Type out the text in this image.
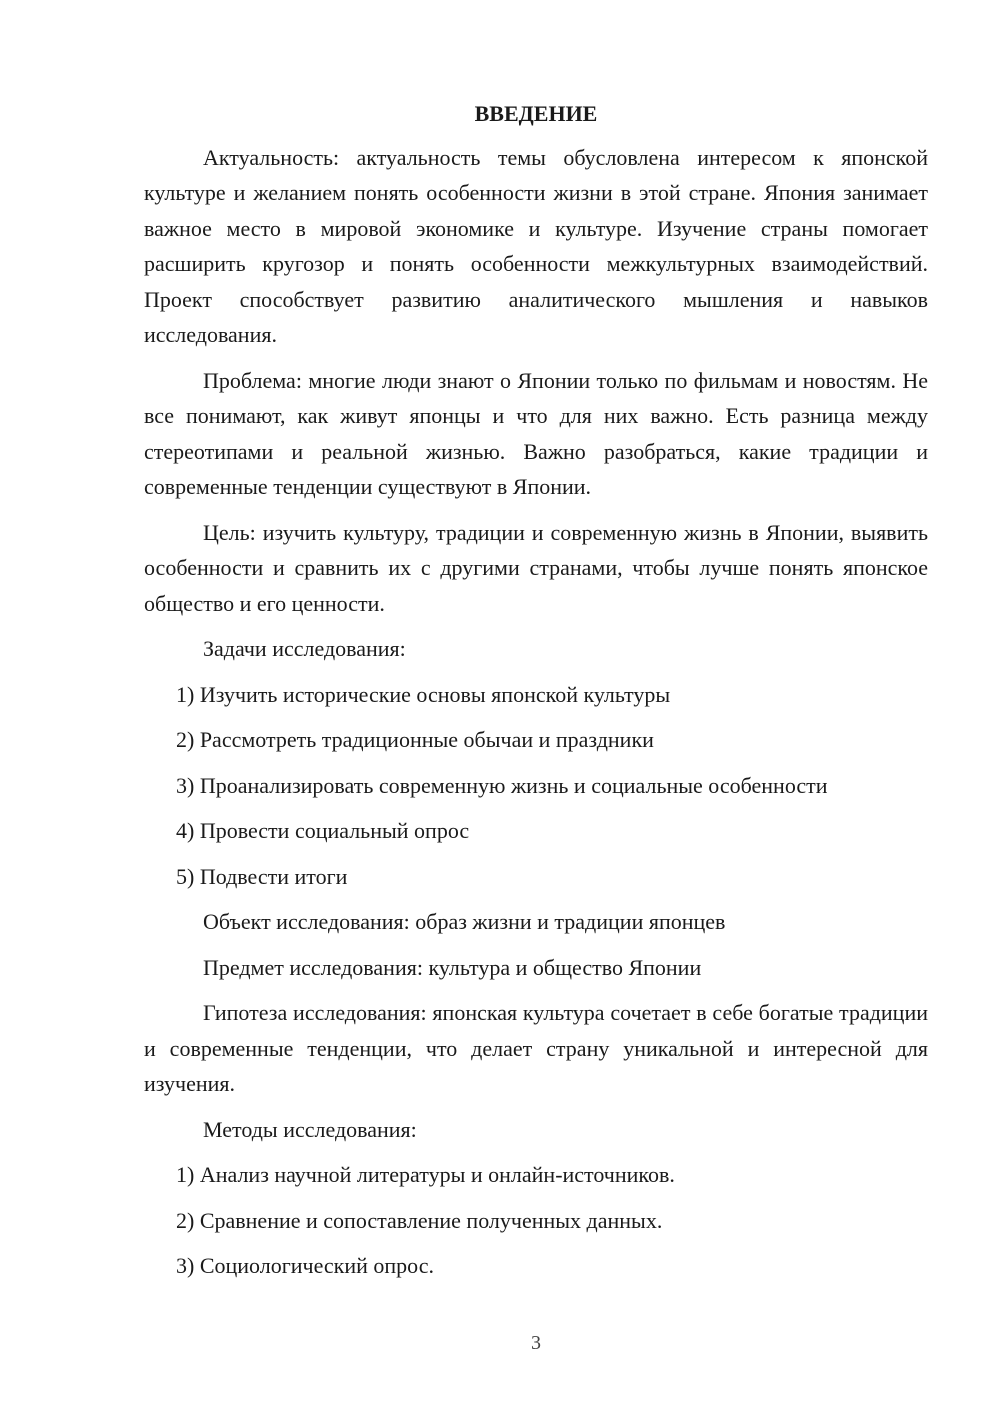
ВВЕДЕНИЕ

Актуальность: актуальность темы обусловлена интересом к японской культуре и желанием понять особенности жизни в этой стране. Япония занимает важное место в мировой экономике и культуре. Изучение страны помогает расширить кругозор и понять особенности межкультурных взаимодействий. Проект способствует развитию аналитического мышления и навыков исследования.

Проблема: многие люди знают о Японии только по фильмам и новостям. Не все понимают, как живут японцы и что для них важно. Есть разница между стереотипами и реальной жизнью. Важно разобраться, какие традиции и современные тенденции существуют в Японии.

Цель: изучить культуру, традиции и современную жизнь в Японии, выявить особенности и сравнить их с другими странами, чтобы лучше понять японское общество и его ценности.

Задачи исследования:
1) Изучить исторические основы японской культуры
2) Рассмотреть традиционные обычаи и праздники
3) Проанализировать современную жизнь и социальные особенности
4) Провести социальный опрос
5) Подвести итоги
Объект исследования: образ жизни и традиции японцев
Предмет исследования: культура и общество Японии

Гипотеза исследования: японская культура сочетает в себе богатые традиции и современные тенденции, что делает страну уникальной и интересной для изучения.

Методы исследования:
1) Анализ научной литературы и онлайн-источников.
2) Сравнение и сопоставление полученных данных.
3) Социологический опрос.
3
